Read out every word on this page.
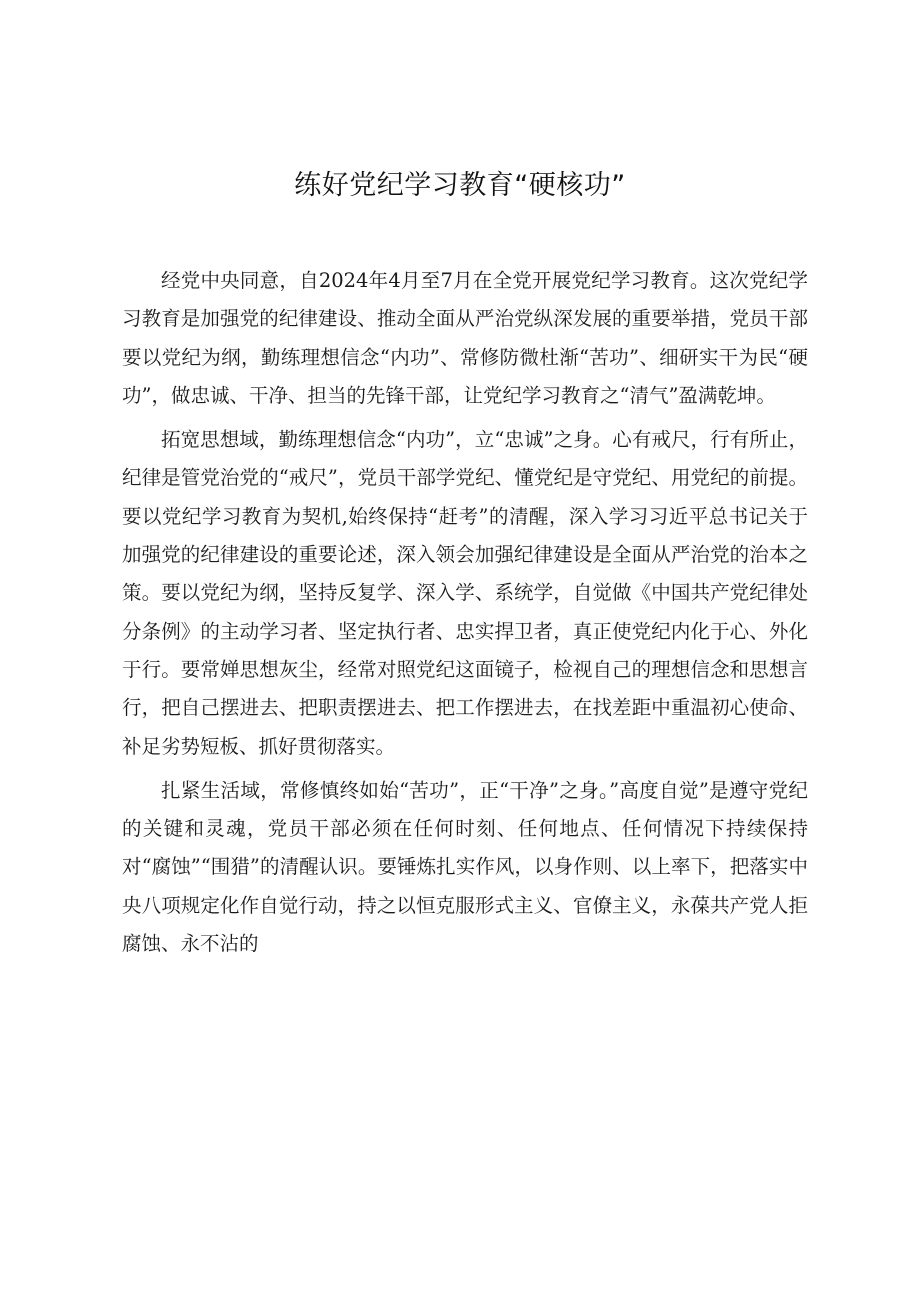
练好党纪学习教育“硬核功”

经党中央同意，自2024年4月至7月在全党开展党纪学习教育。这次党纪学习教育是加强党的纪律建设、推动全面从严治党纵深发展的重要举措，党员干部要以党纪为纲，勤练理想信念“内功”、常修防微杜渐“苦功”、细研实干为民“硬功”，做忠诚、干净、担当的先锋干部，让党纪学习教育之“清气”盈满乾坤。

拓宽思想域，勤练理想信念“内功”，立“忠诚”之身。心有戒尺，行有所止，纪律是管党治党的“戒尺”，党员干部学党纪、懂党纪是守党纪、用党纪的前提。要以党纪学习教育为契机,始终保持“赶考”的清醒，深入学习习近平总书记关于加强党的纪律建设的重要论述，深入领会加强纪律建设是全面从严治党的治本之策。要以党纪为纲，坚持反复学、深入学、系统学，自觉做《中国共产党纪律处分条例》的主动学习者、坚定执行者、忠实捍卫者，真正使党纪内化于心、外化于行。要常婵思想灰尘，经常对照党纪这面镜子，检视自己的理想信念和思想言行，把自己摆进去、把职责摆进去、把工作摆进去，在找差距中重温初心使命、补足劣势短板、抓好贯彻落实。

扎紧生活域，常修慎终如始“苦功”，正“干净”之身。”高度自觉”是遵守党纪的关键和灵魂，党员干部必须在任何时刻、任何地点、任何情况下持续保持对“腐蚀”“围猎”的清醒认识。要锤炼扎实作风，以身作则、以上率下，把落实中央八项规定化作自觉行动，持之以恒克服形式主义、官僚主义，永葆共产党人拒腐蚀、永不沾的
